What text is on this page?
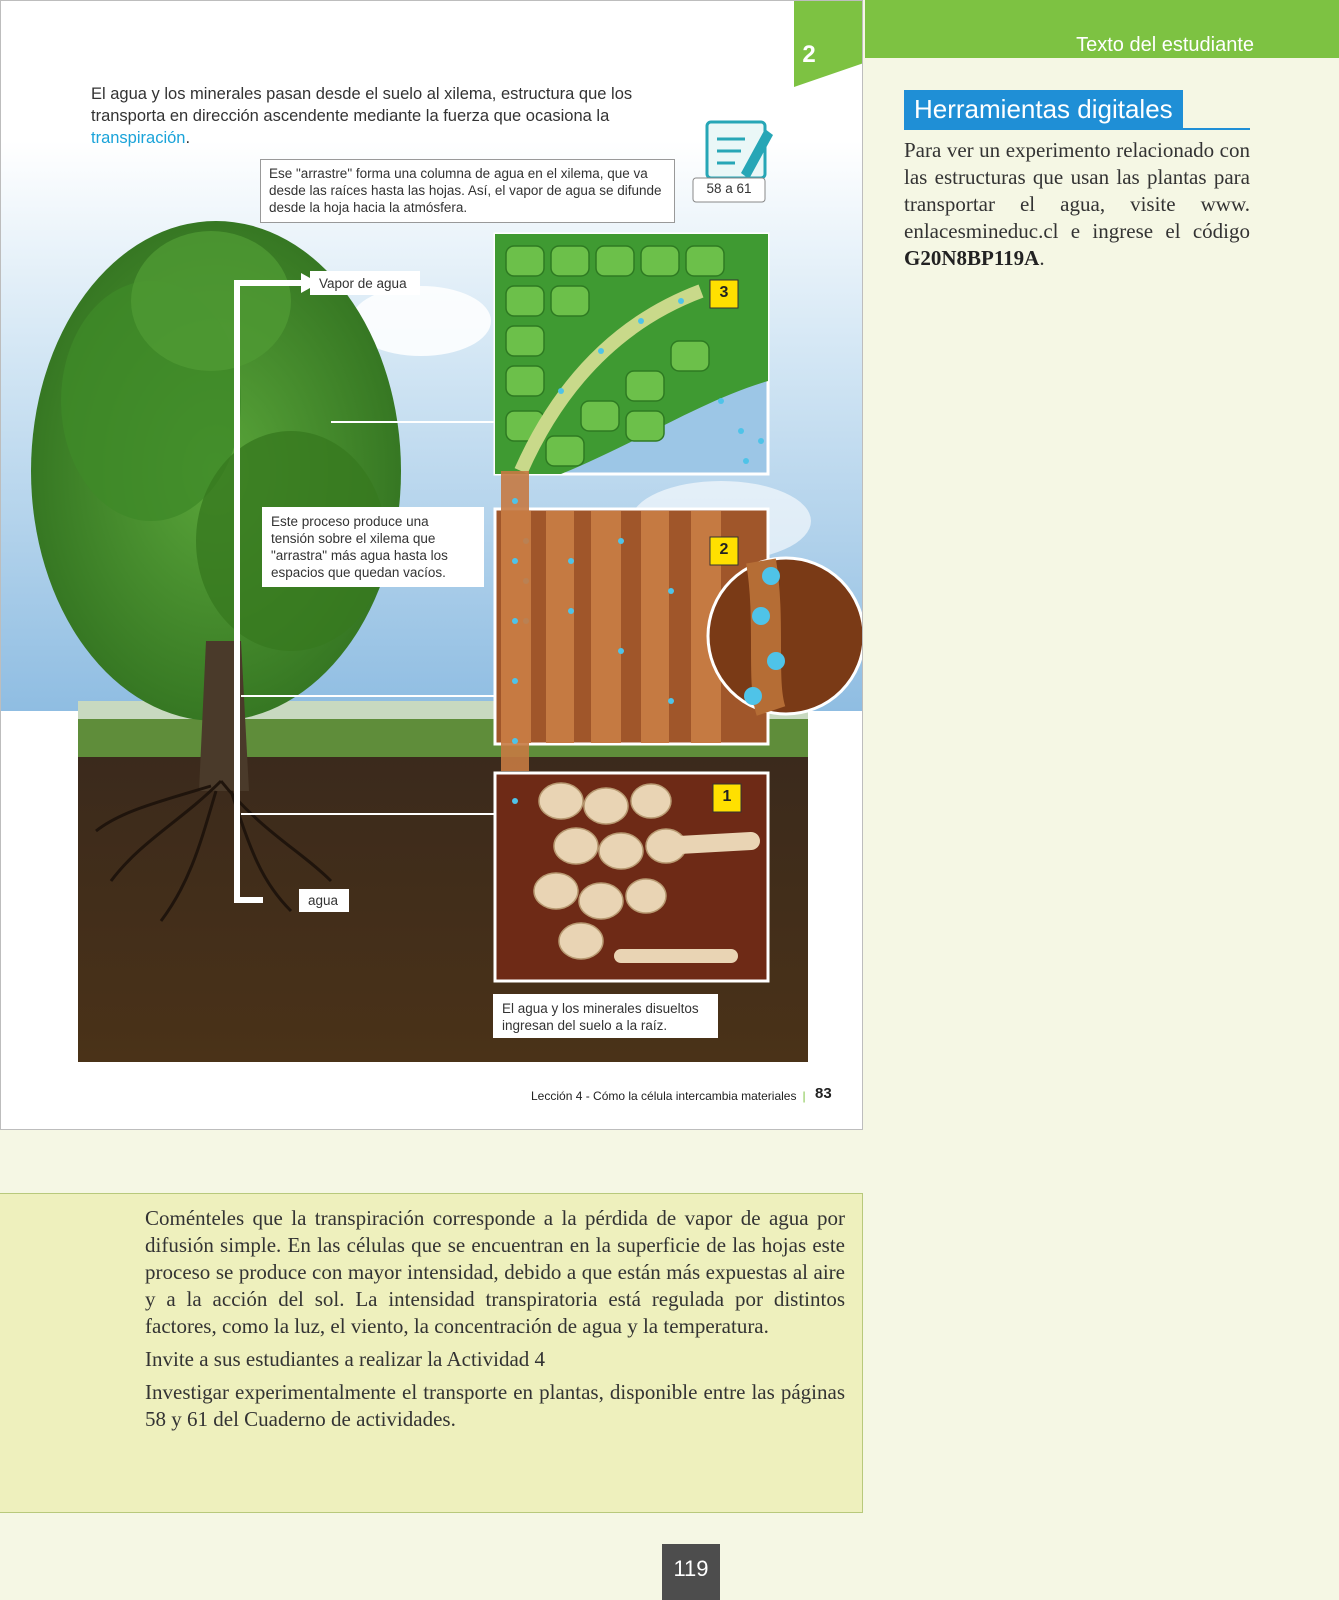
Texto del estudiante
2
El agua y los minerales pasan desde el suelo al xilema, estructura que los transporta en dirección ascendente mediante la fuerza que ocasiona la transpiración.
58 a 61
Ese "arrastre" forma una columna de agua en el xilema, que va desde las raíces hasta las hojas. Así, el vapor de agua se difunde desde la hoja hacia la atmósfera.
Vapor de agua
Este proceso produce una tensión sobre el xilema que "arrastra" más agua hasta los espacios que quedan vacíos.
agua
El agua y los minerales disueltos ingresan del suelo a la raíz.
3
2
1
Lección 4 - Cómo la célula intercambia materiales | 83
Herramientas digitales
Para ver un experimento relacionado con las estructuras que usan las plantas para transportar el agua, visite www. enlacesmineduc.cl e ingrese el código G20N8BP119A.

Coménteles que la transpiración corresponde a la pérdida de vapor de agua por difusión simple. En las células que se encuentran en la superficie de las hojas este proceso se produce con mayor intensidad, debido a que están más expuestas al aire y a la acción del sol. La intensidad transpiratoria está regulada por distintos factores, como la luz, el viento, la concentración de agua y la temperatura.

Invite a sus estudiantes a realizar la Actividad 4

Investigar experimentalmente el transporte en plantas, disponible entre las páginas 58 y 61 del Cuaderno de actividades.

119
